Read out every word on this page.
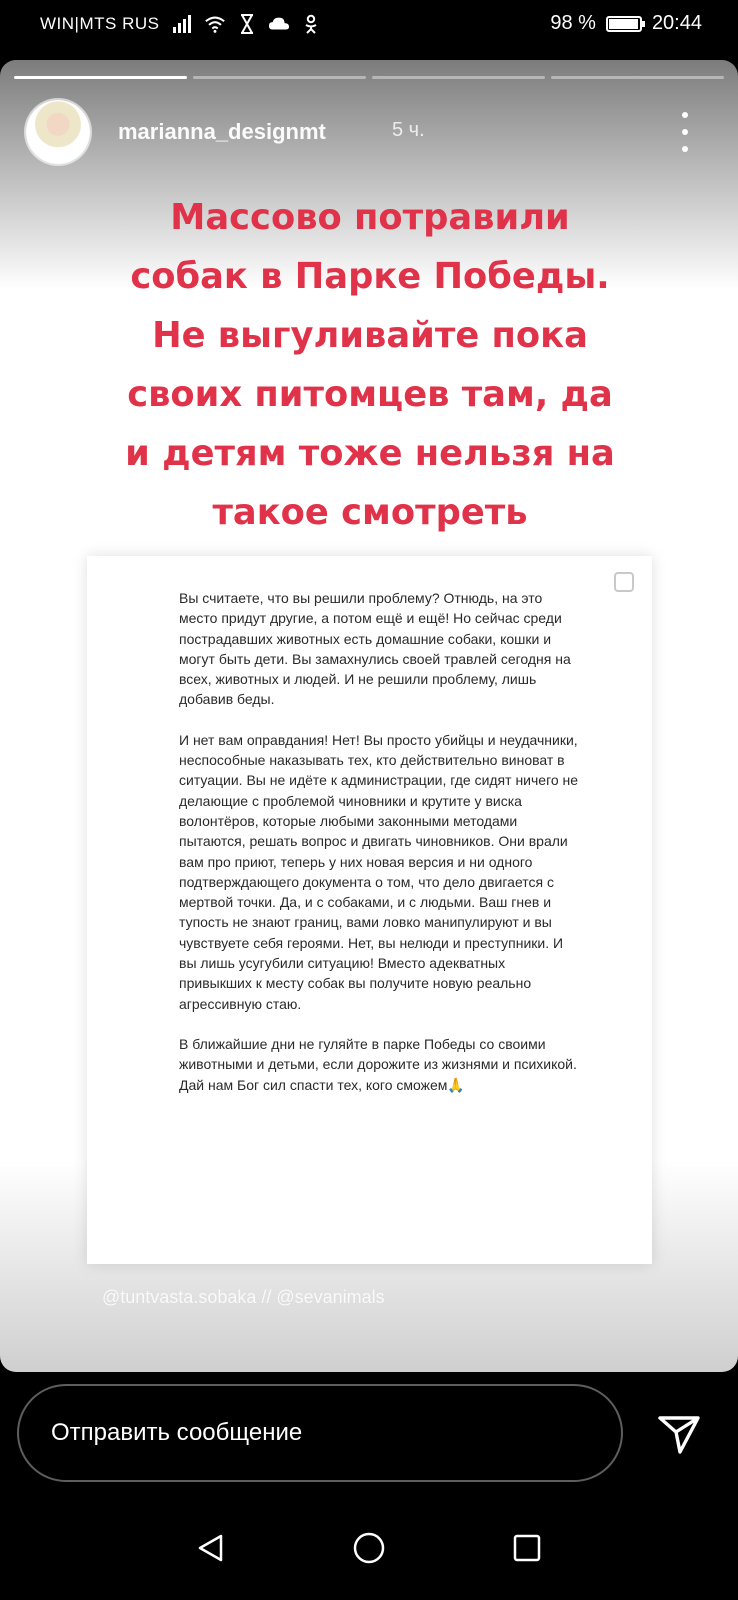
WIN|MTS RUS	98 %	20:44
marianna_designmt	5 ч.
Массово потравили
собак в Парке Победы.
Не выгуливайте пока
своих питомцев там, да
и детям тоже нельзя на
такое смотреть

Вы считаете, что вы решили проблему? Отнюдь, на это место придут другие, а потом ещё и ещё! Но сейчас среди пострадавших животных есть домашние собаки, кошки и могут быть дети. Вы замахнулись своей травлей сегодня на всех, животных и людей. И не решили проблему, лишь добавив беды.

И нет вам оправдания! Нет! Вы просто убийцы и неудачники, неспособные наказывать тех, кто действительно виноват в ситуации. Вы не идёте к администрации, где сидят ничего не делающие с проблемой чиновники и крутите у виска волонтёров, которые любыми законными методами пытаются, решать вопрос и двигать чиновников. Они врали вам про приют, теперь у них новая версия и ни одного подтверждающего документа о том, что дело двигается с мертвой точки. Да, и с собаками, и с людьми. Ваш гнев и тупость не знают границ, вами ловко манипулируют и вы чувствуете себя героями. Нет, вы нелюди и преступники. И вы лишь усугубили ситуацию! Вместо адекватных привыкших к месту собак вы получите новую реально агрессивную стаю.

В ближайшие дни не гуляйте в парке Победы со своими животными и детьми, если дорожите из жизнями и психикой. Дай нам Бог сил спасти тех, кого сможем🙏

@tuntvasta.sobaka // @sevanimals
Отправить сообщение
